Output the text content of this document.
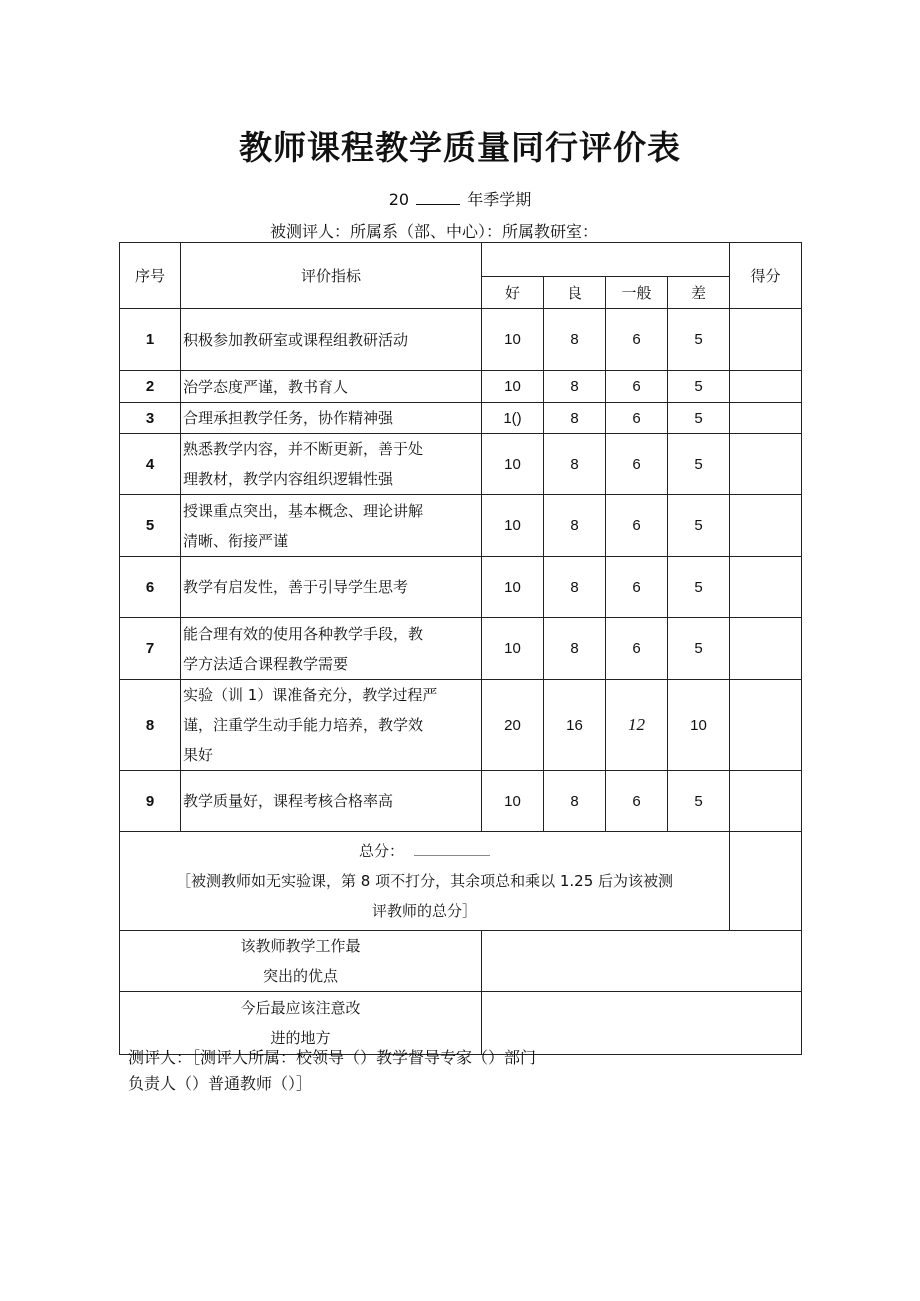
教师课程教学质量同行评价表
20	年季学期
被测评人：所属系（部、中心）：所属教研室：
序号	评价指标					得分
		好	良	一般	差	
1	积极参加教研室或课程组教研活动	10	8	6	5	
2	治学态度严谨，教书育人	10	8	6	5	
3	合理承担教学任务，协作精神强	1()	8	6	5	
4	熟悉教学内容，并不断更新，善于处
理教材，教学内容组织逻辑性强	10	8	6	5	
5	授课重点突出，基本概念、理论讲解
清晰、衔接严谨	10	8	6	5	
6	教学有启发性，善于引导学生思考	10	8	6	5	
7	能合理有效的使用各种教学手段，教
学方法适合课程教学需要	10	8	6	5	
8	实验（训 1）课准备充分，教学过程严
谨，注重学生动手能力培养，教学效
果好	20	16	12	10	
9	教学质量好，课程考核合格率高	10	8	6	5	

总分：
［被测教师如无实验课，第 8 项不打分，其余项总和乘以 1.25 后为该被测
评教师的总分］						

该教师教学工作最
突出的优点						

今后最应该注意改
进的地方						

测评人：［测评人所属：校领导（）教学督导专家（）部门
负责人（）普通教师（）］
